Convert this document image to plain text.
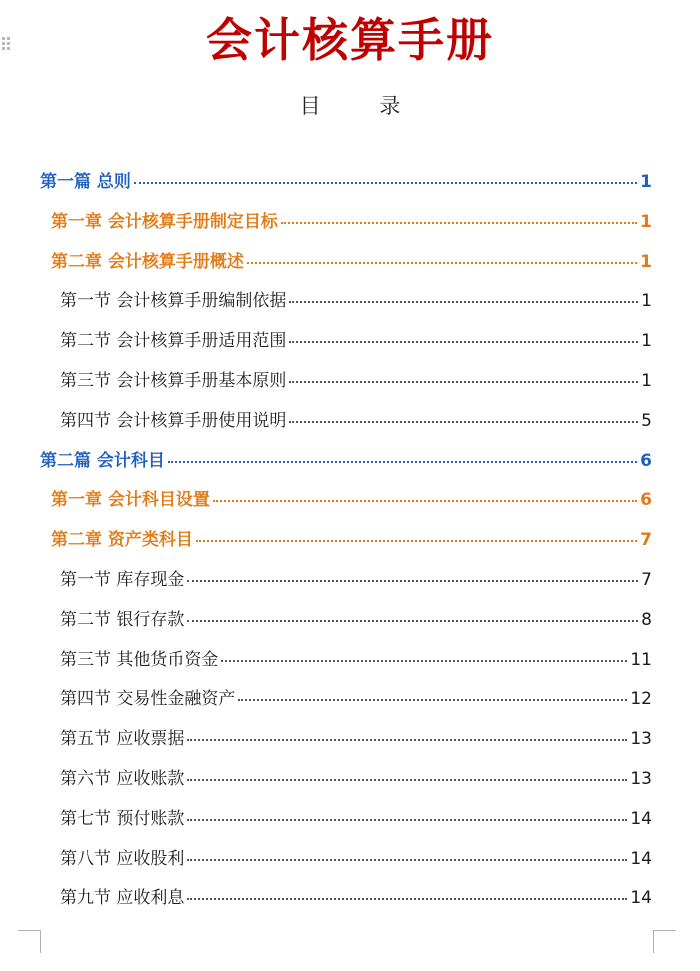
会计核算手册
目 录
第一篇 总则	1
第一章 会计核算手册制定目标	1
第二章 会计核算手册概述	1
第一节 会计核算手册编制依据	1
第二节 会计核算手册适用范围	1
第三节 会计核算手册基本原则	1
第四节 会计核算手册使用说明	5
第二篇 会计科目	6
第一章 会计科目设置	6
第二章 资产类科目	7
第一节 库存现金	7
第二节 银行存款	8
第三节 其他货币资金	11
第四节 交易性金融资产	12
第五节 应收票据	13
第六节 应收账款	13
第七节 预付账款	14
第八节 应收股利	14
第九节 应收利息	14
